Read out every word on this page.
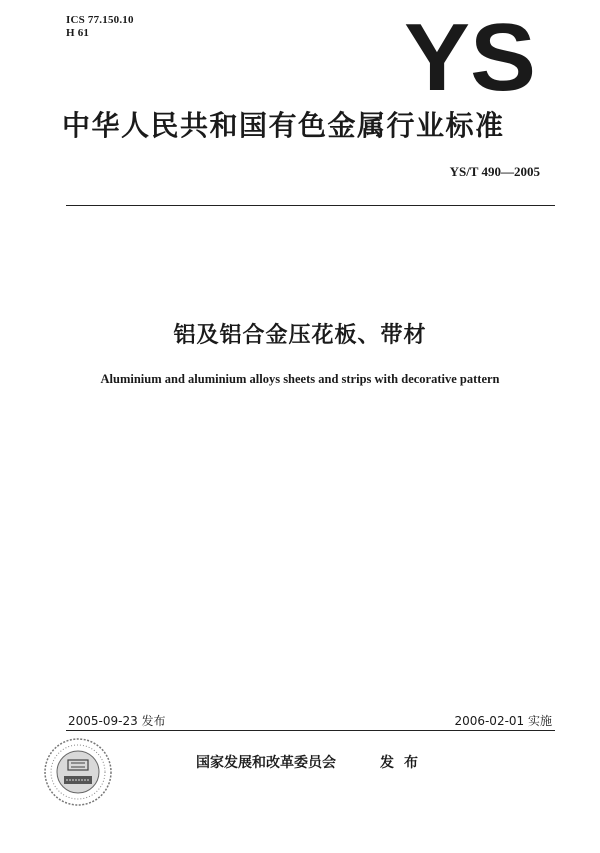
ICS 77.150.10
H 61	YS
中华人民共和国有色金属行业标准
YS/T 490—2005
铝及铝合金压花板、带材
Aluminium and aluminium alloys sheets and strips with decorative pattern
2005-09-23 发布	2006-02-01 实施
国家发展和改革委员会	发布
